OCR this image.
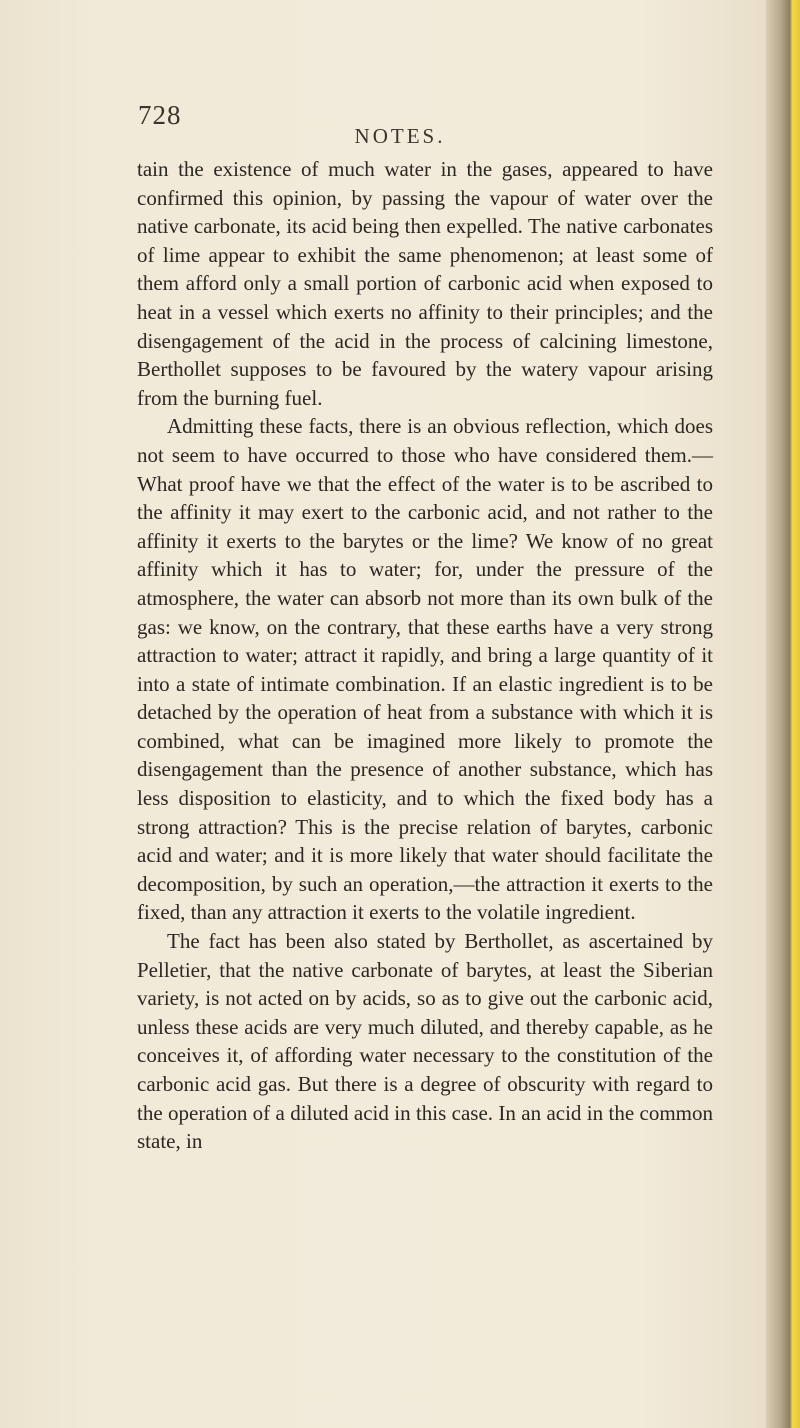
728
NOTES.

tain the existence of much water in the gases, appeared to have confirmed this opinion, by passing the vapour of water over the native carbonate, its acid being then expelled. The native carbonates of lime appear to exhibit the same phenomenon; at least some of them afford only a small portion of carbonic acid when exposed to heat in a vessel which exerts no affinity to their principles; and the disengagement of the acid in the process of calcining limestone, Berthollet supposes to be favoured by the watery vapour arising from the burning fuel.

Admitting these facts, there is an obvious reflection, which does not seem to have occurred to those who have considered them.—What proof have we that the effect of the water is to be ascribed to the affinity it may exert to the carbonic acid, and not rather to the affinity it exerts to the barytes or the lime? We know of no great affinity which it has to water; for, under the pressure of the atmosphere, the water can absorb not more than its own bulk of the gas: we know, on the contrary, that these earths have a very strong attraction to water; attract it rapidly, and bring a large quantity of it into a state of intimate combination. If an elastic ingredient is to be detached by the operation of heat from a substance with which it is combined, what can be imagined more likely to promote the disengagement than the presence of another substance, which has less disposition to elasticity, and to which the fixed body has a strong attraction? This is the precise relation of barytes, carbonic acid and water; and it is more likely that water should facilitate the decomposition, by such an operation,—the attraction it exerts to the fixed, than any attraction it exerts to the volatile ingredient.

The fact has been also stated by Berthollet, as ascertained by Pelletier, that the native carbonate of barytes, at least the Siberian variety, is not acted on by acids, so as to give out the carbonic acid, unless these acids are very much diluted, and thereby capable, as he conceives it, of affording water necessary to the constitution of the carbonic acid gas. But there is a degree of obscurity with regard to the operation of a diluted acid in this case. In an acid in the common state, in
